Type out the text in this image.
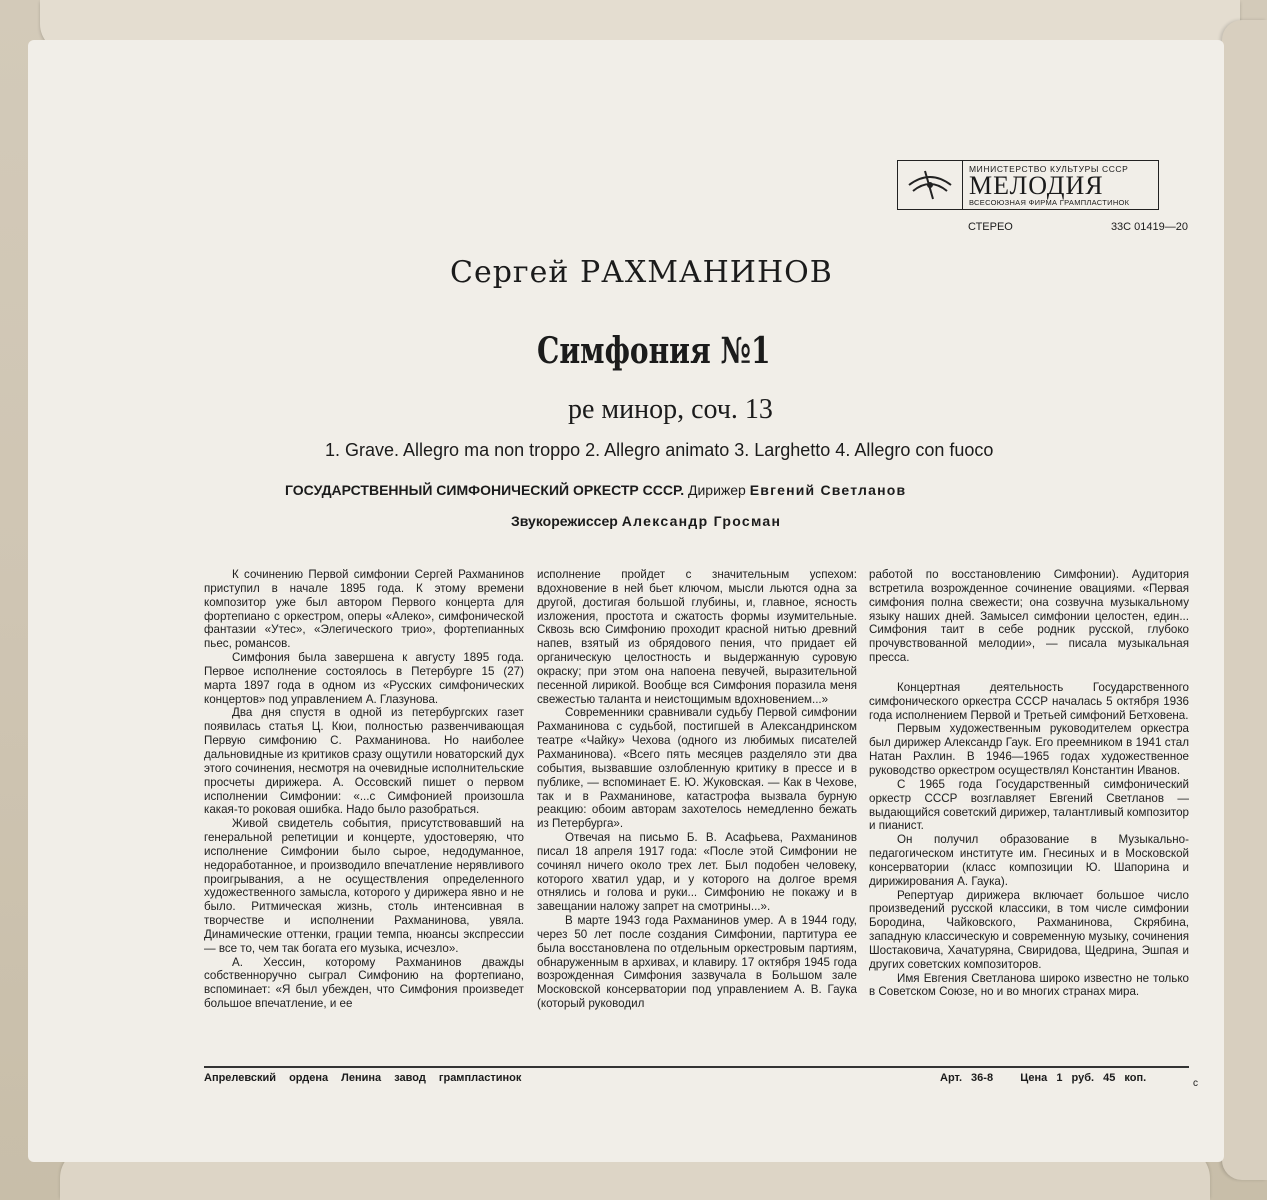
МИНИСТЕРСТВО КУЛЬТУРЫ СССР
МЕЛОДИЯ
ВСЕСОЮЗНАЯ ФИРМА ГРАМПЛАСТИНОК
СТЕРЕО	33С 01419—20
Сергей РАХМАНИНОВ
Симфония №1
ре минор, соч. 13
1. Grave. Allegro ma non troppo 2. Allegro animato 3. Larghetto 4. Allegro con fuoco
ГОСУДАРСТВЕННЫЙ СИМФОНИЧЕСКИЙ ОРКЕСТР СССР. Дирижер Евгений Светланов
Звукорежиссер Александр Гросман

К сочинению Первой симфонии Сергей Рахманинов приступил в начале 1895 года. К этому времени композитор уже был автором Первого концерта для фортепиано с оркестром, оперы «Алеко», симфонической фантазии «Утес», «Элегического трио», фортепианных пьес, романсов.

Симфония была завершена к августу 1895 года. Первое исполнение состоялось в Петербурге 15 (27) марта 1897 года в одном из «Русских симфонических концертов» под управлением А. Глазунова.

Два дня спустя в одной из петербургских газет появилась статья Ц. Кюи, полностью развенчивающая Первую симфонию С. Рахманинова. Но наиболее дальновидные из критиков сразу ощутили новаторский дух этого сочинения, несмотря на очевидные исполнительские просчеты дирижера. А. Оссовский пишет о первом исполнении Симфонии: «...с Симфонией произошла какая-то роковая ошибка. Надо было разобраться.

Живой свидетель события, присутствовавший на генеральной репетиции и концерте, удостоверяю, что исполнение Симфонии было сырое, недодуманное, недоработанное, и производило впечатление нерявливого проигрывания, а не осуществления определенного художественного замысла, которого у дирижера явно и не было. Ритмическая жизнь, столь интенсивная в творчестве и исполнении Рахманинова, увяла. Динамические оттенки, грации темпа, нюансы экспрессии — все то, чем так богата его музыка, исчезло».

А. Хессин, которому Рахманинов дважды собственноручно сыграл Симфонию на фортепиано, вспоминает: «Я был убежден, что Симфония произведет большое впечатление, и ее

исполнение пройдет с значительным успехом: вдохновение в ней бьет ключом, мысли льются одна за другой, достигая большой глубины, и, главное, ясность изложения, простота и сжатость формы изумительные. Сквозь всю Симфонию проходит красной нитью древний напев, взятый из обрядового пения, что придает ей органическую целостность и выдержанную суровую окраску; при этом она напоена певучей, выразительной песенной лирикой. Вообще вся Симфония поразила меня свежестью таланта и неистощимым вдохновением...»

Современники сравнивали судьбу Первой симфонии Рахманинова с судьбой, постигшей в Александринском театре «Чайку» Чехова (одного из любимых писателей Рахманинова). «Всего пять месяцев разделяло эти два события, вызвавшие озлобленную критику в прессе и в публике, — вспоминает Е. Ю. Жуковская. — Как в Чехове, так и в Рахманинове, катастрофа вызвала бурную реакцию: обоим авторам захотелось немедленно бежать из Петербурга».

Отвечая на письмо Б. В. Асафьева, Рахманинов писал 18 апреля 1917 года: «После этой Симфонии не сочинял ничего около трех лет. Был подобен человеку, которого хватил удар, и у которого на долгое время отнялись и голова и руки... Симфонию не покажу и в завещании наложу запрет на смотрины...».

В марте 1943 года Рахманинов умер. А в 1944 году, через 50 лет после создания Симфонии, партитура ее была восстановлена по отдельным оркестровым партиям, обнаруженным в архивах, и клавиру. 17 октября 1945 года возрожденная Симфония зазвучала в Большом зале Московской консерватории под управлением А. В. Гаука (который руководил

работой по восстановлению Симфонии). Аудитория встретила возрожденное сочинение овациями. «Первая симфония полна свежести; она созвучна музыкальному языку наших дней. Замысел симфонии целостен, един... Симфония таит в себе родник русской, глубоко прочувствованной мелодии», — писала музыкальная пресса.

Концертная деятельность Государственного симфонического оркестра СССР началась 5 октября 1936 года исполнением Первой и Третьей симфоний Бетховена.

Первым художественным руководителем оркестра был дирижер Александр Гаук. Его преемником в 1941 стал Натан Рахлин. В 1946—1965 годах художественное руководство оркестром осуществлял Константин Иванов.

С 1965 года Государственный симфонический оркестр СССР возглавляет Евгений Светланов — выдающийся советский дирижер, талантливый композитор и пианист.

Он получил образование в Музыкально-педагогическом институте им. Гнесиных и в Московской консерватории (класс композиции Ю. Шапорина и дирижирования А. Гаука).

Репертуар дирижера включает большое число произведений русской классики, в том числе симфонии Бородина, Чайковского, Рахманинова, Скрябина, западную классическую и современную музыку, сочинения Шостаковича, Хачатуряна, Свиридова, Щедрина, Эшпая и других советских композиторов.

Имя Евгения Светланова широко известно не только в Советском Союзе, но и во многих странах мира.

Апрелевский ордена Ленина завод грампластинок	Арт. 36-8 Цена 1 руб. 45 коп.	с
